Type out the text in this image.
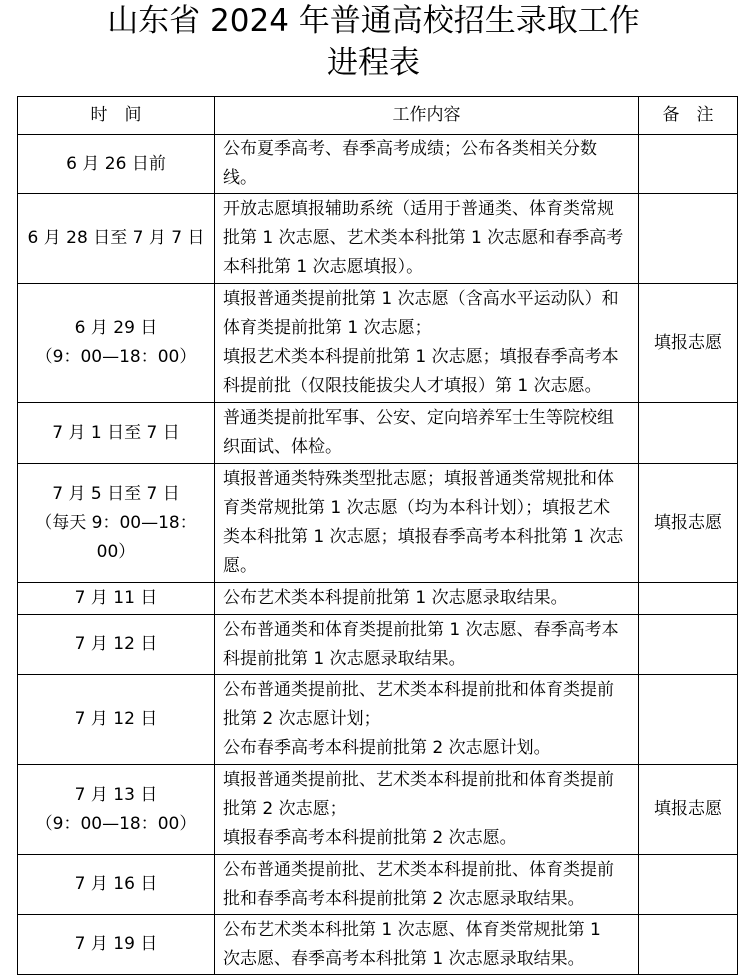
山东省 2024 年普通高校招生录取工作
进程表
时　间	工作内容	备　注

6 月 26 日前	公布夏季高考、春季高考成绩；公布各类相关分数线。	

6 月 28 日至 7 月 7 日	开放志愿填报辅助系统（适用于普通类、体育类常规
批第 1 次志愿、艺术类本科批第 1 次志愿和春季高考
本科批第 1 次志愿填报）。	

6 月 29 日
（9：00—18：00）	填报普通类提前批第 1 次志愿（含高水平运动队）和
体育类提前批第 1 次志愿；
填报艺术类本科提前批第 1 次志愿；填报春季高考本
科提前批（仅限技能拔尖人才填报）第 1 次志愿。	填报志愿

7 月 1 日至 7 日	普通类提前批军事、公安、定向培养军士生等院校组
织面试、体检。	

7 月 5 日至 7 日
（每天 9：00—18：00）	填报普通类特殊类型批志愿；填报普通类常规批和体
育类常规批第 1 次志愿（均为本科计划）；填报艺术
类本科批第 1 次志愿；填报春季高考本科批第 1 次志
愿。	填报志愿

7 月 11 日	公布艺术类本科提前批第 1 次志愿录取结果。	

7 月 12 日	公布普通类和体育类提前批第 1 次志愿、春季高考本
科提前批第 1 次志愿录取结果。	

7 月 12 日	公布普通类提前批、艺术类本科提前批和体育类提前
批第 2 次志愿计划；
公布春季高考本科提前批第 2 次志愿计划。	

7 月 13 日
（9：00—18：00）	填报普通类提前批、艺术类本科提前批和体育类提前
批第 2 次志愿；
填报春季高考本科提前批第 2 次志愿。	填报志愿

7 月 16 日	公布普通类提前批、艺术类本科提前批、体育类提前
批和春季高考本科提前批第 2 次志愿录取结果。	

7 月 19 日	公布艺术类本科批第 1 次志愿、体育类常规批第 1
次志愿、春季高考本科批第 1 次志愿录取结果。	
